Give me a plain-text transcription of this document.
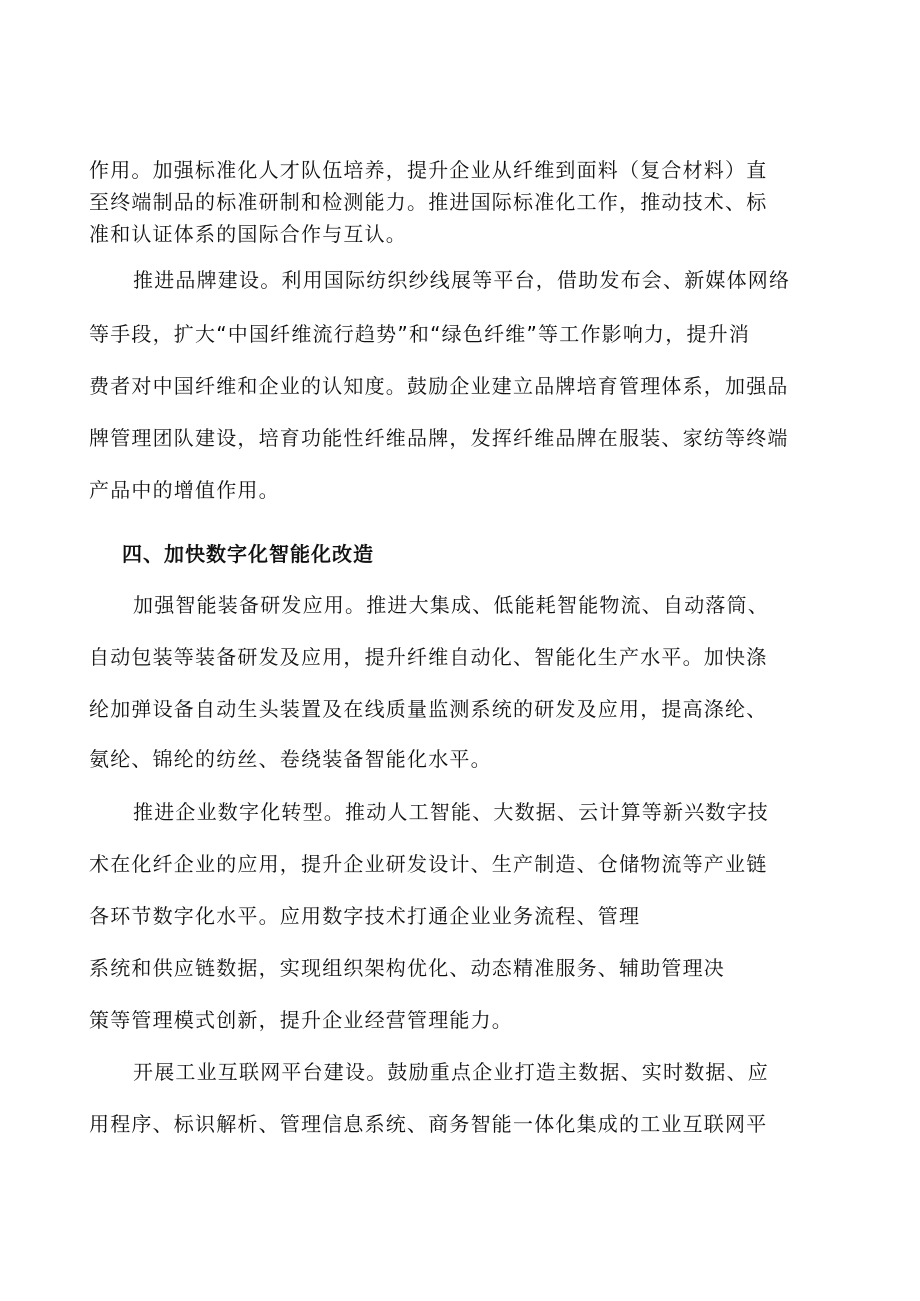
作用。加强标准化人才队伍培养，提升企业从纤维到面料（复合材料）直

至终端制品的标准研制和检测能力。推进国际标准化工作，推动技术、标

准和认证体系的国际合作与互认。

推进品牌建设。利用国际纺织纱线展等平台，借助发布会、新媒体网络

等手段，扩大“中国纤维流行趋势”和“绿色纤维”等工作影响力，提升消

费者对中国纤维和企业的认知度。鼓励企业建立品牌培育管理体系，加强品

牌管理团队建设，培育功能性纤维品牌，发挥纤维品牌在服装、家纺等终端

产品中的增值作用。

四、加快数字化智能化改造

加强智能装备研发应用。推进大集成、低能耗智能物流、自动落筒、

自动包装等装备研发及应用，提升纤维自动化、智能化生产水平。加快涤

纶加弹设备自动生头装置及在线质量监测系统的研发及应用，提高涤纶、

氨纶、锦纶的纺丝、卷绕装备智能化水平。

推进企业数字化转型。推动人工智能、大数据、云计算等新兴数字技

术在化纤企业的应用，提升企业研发设计、生产制造、仓储物流等产业链

各环节数字化水平。应用数字技术打通企业业务流程、管理

系统和供应链数据，实现组织架构优化、动态精准服务、辅助管理决

策等管理模式创新，提升企业经营管理能力。

开展工业互联网平台建设。鼓励重点企业打造主数据、实时数据、应

用程序、标识解析、管理信息系统、商务智能一体化集成的工业互联网平
